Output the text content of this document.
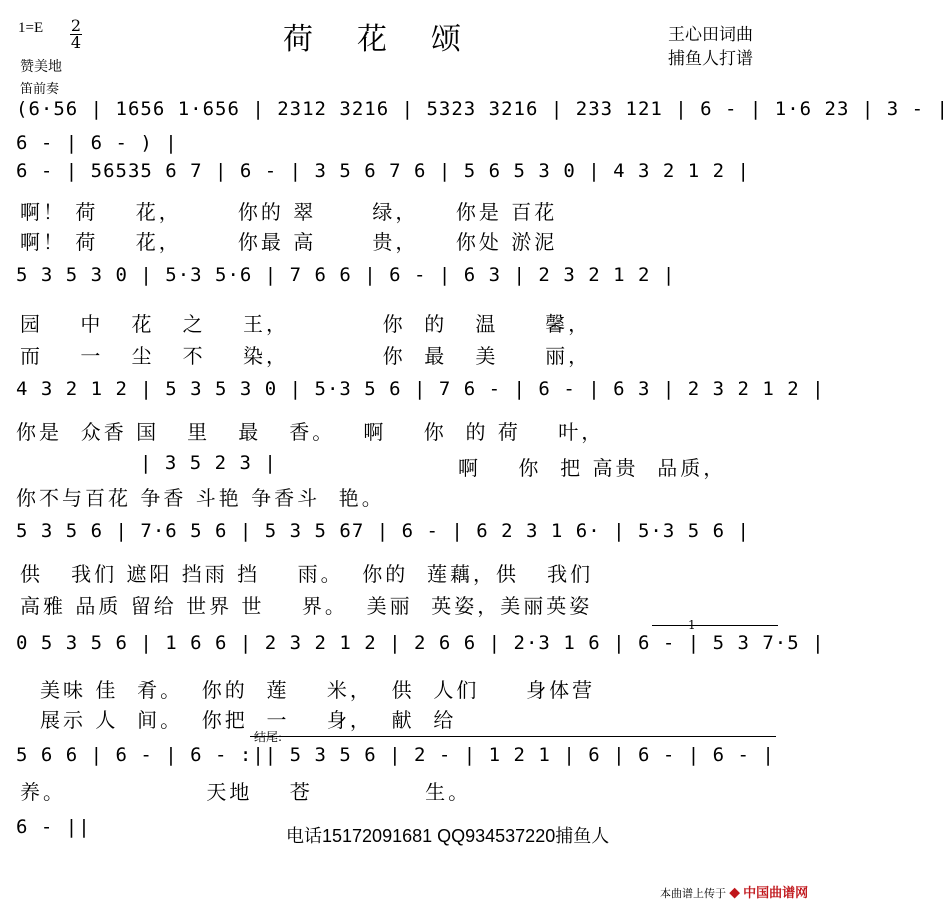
荷花颂
1=E 2
4
赞美地
笛前奏
王心田词曲
捕鱼人打谱
(6·56 | 1656 1·656 | 2312 3216 | 5323 3216 | 233 121 | 6 - | 1·6 23 | 3 - |
6 - | 6 - ) |
6 - | 56535 6 7 | 6 - | 3 5 6 7 6 | 5 6 5 3 0 | 4 3 2 1 2 |
啊！ 荷    花，      你的 翠      绿，    你是 百花
啊！ 荷    花，      你最 高      贵，    你处 淤泥
5 3 5 3 0 | 5·3 5·6 | 7 6 6 | 6 - | 6 3 | 2 3 2 1 2 |
园    中   花   之    王，          你  的   温     馨，
而    一   尘   不    染，          你  最   美     丽，
4 3 2 1 2 | 5 3 5 3 0 | 5·3 5 6 | 7 6 - | 6 - | 6 3 | 2 3 2 1 2 |
你是  众香 国   里   最   香。   啊    你  的 荷    叶，
| 3 5 2 3 |	啊    你  把 高贵  品质，
你不与百花 争香 斗艳 争香斗  艳。
5 3 5 6 | 7·6 5 6 | 5 3 5 67 | 6 - | 6 2 3 1 6· | 5·3 5 6 |
供   我们 遮阳 挡雨 挡    雨。  你的  莲藕，供   我们
高雅 品质 留给 世界 世    界。  美丽  英姿，美丽英姿
1
0 5 3 5 6 | 1 6 6 | 2 3 2 1 2 | 2 6 6 | 2·3 1 6 | 6 - | 5 3 7·5 |
美味 佳  肴。  你的  莲    米，  供  人们     身体营
展示 人  间。  你把  一    身，  献  给
结尾:
5 6 6 | 6 - | 6 - :|| 5 3 5 6 | 2 - | 1 2 1 | 6 | 6 - | 6 - |
养。               天地    苍            生。
6 - ||	电话15172091681 QQ934537220捕鱼人
本曲谱上传于 ◆ 中国曲谱网
